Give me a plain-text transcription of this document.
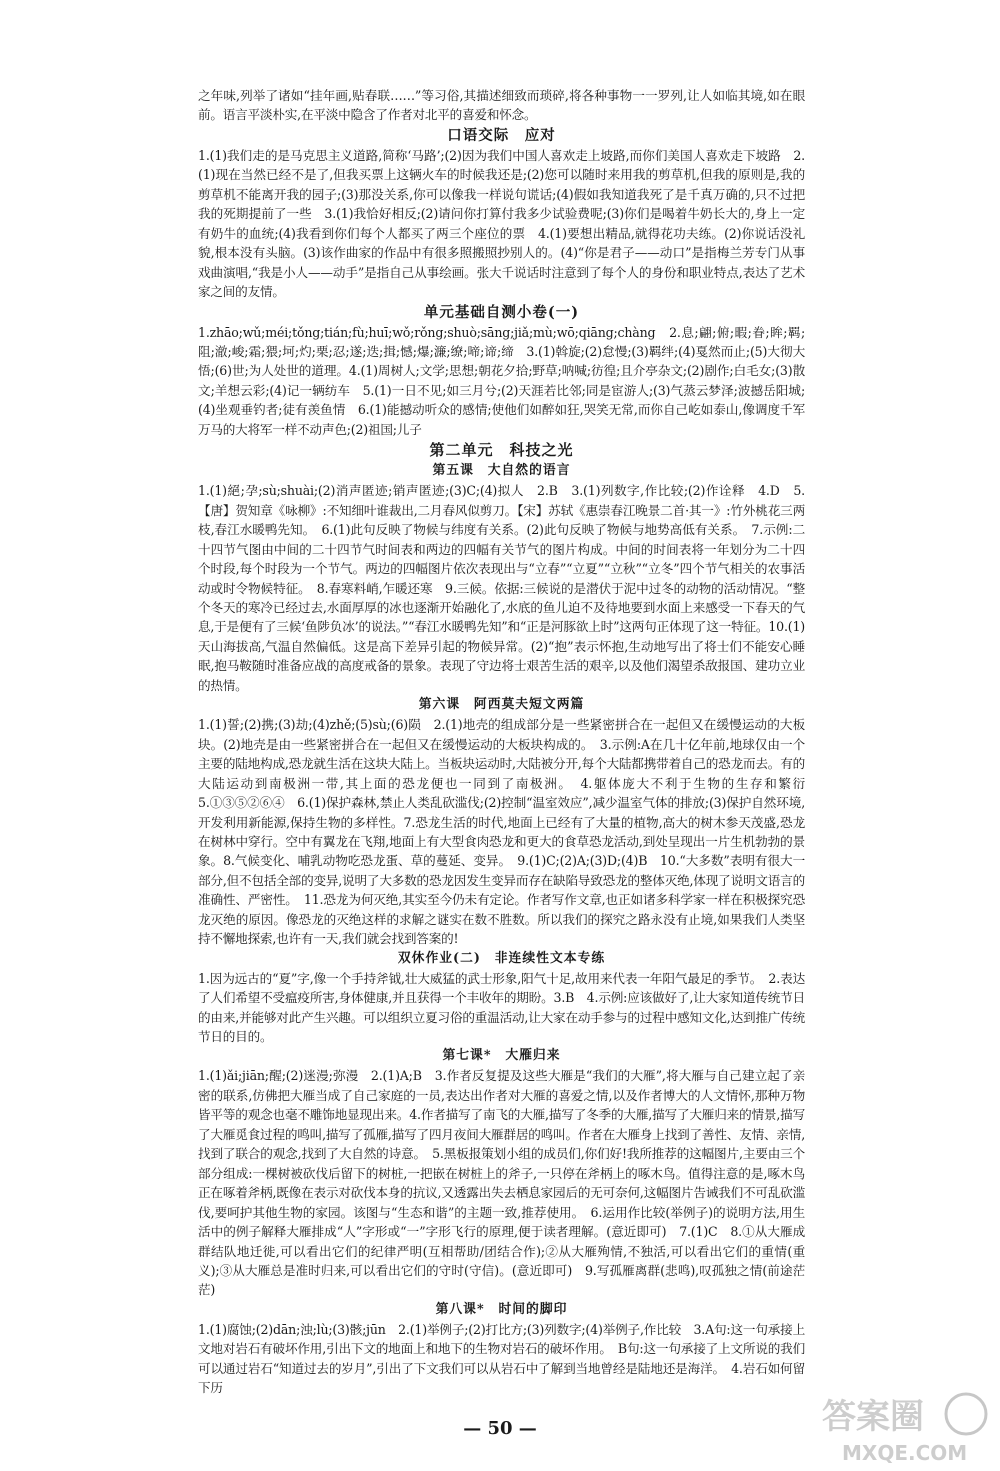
之年味,列举了诸如“挂年画,贴春联……”等习俗,其描述细致而琐碎,将各种事物一一罗列,让人如临其境,如在眼前。语言平淡朴实,在平淡中隐含了作者对北平的喜爱和怀念。

口语交际　应对

1.(1)我们走的是马克思主义道路,简称‘马路’;(2)因为我们中国人喜欢走上坡路,而你们美国人喜欢走下坡路　2.(1)现在当然已经不是了,但我买票上这辆火车的时候我还是;(2)您可以随时来用我的剪草机,但我的原则是,我的剪草机不能离开我的园子;(3)那没关系,你可以像我一样说句谎话;(4)假如我知道我死了是千真万确的,只不过把我的死期提前了一些　3.(1)我恰好相反;(2)请问你打算付我多少试验费呢;(3)你们是喝着牛奶长大的,身上一定有奶牛的血统;(4)我看到你们每个人都买了两三个座位的票　4.(1)要想出精品,就得花功夫练。(2)你说话没礼貌,根本没有头脑。(3)该作曲家的作品中有很多照搬照抄别人的。(4)“你是君子——动口”是指梅兰芳专门从事戏曲演唱,“我是小人——动手”是指自己从事绘画。张大千说话时注意到了每个人的身份和职业特点,表达了艺术家之间的友情。

单元基础自测小卷(一)

1.zhāo;wǔ;méi;tǒng;tián;fù;huī;wǒ;rǒng;shuò;sāng;jiǎ;mù;wō;qiāng;chàng　2.息;翩;俯;暇;眷;眸;羁;阻;澈;峻;霜;猥;坷;灼;栗;忍;遂;迭;揖;憾;爆;濂;缭;啼;谛;缔　3.(1)斡旋;(2)怠慢;(3)羁绊;(4)戛然而止;(5)大彻大悟;(6)世;为人处世的道理。4.(1)周树人;文学;思想;朝花夕拾;野草;呐喊;彷徨;且介亭杂文;(2)剧作;白毛女;(3)散文;羊想云彩;(4)记一辆纺车　5.(1)一日不见;如三月兮;(2)天涯若比邻;同是宦游人;(3)气蒸云梦泽;波撼岳阳城;(4)坐观垂钓者;徒有羡鱼情　6.(1)能撼动听众的感情;使他们如醉如狂,哭笑无常,而你自己屹如泰山,像调度千军万马的大将军一样不动声色;(2)祖国;儿子

第二单元　科技之光

第五课　大自然的语言

1.(1)絕;孕;sù;shuài;(2)消声匿迹;销声匿迹;(3)C;(4)拟人　2.B　3.(1)列数字,作比较;(2)作诠释　4.D　5.【唐】贺知章《咏柳》:不知细叶谁裁出,二月春风似剪刀。【宋】苏轼《惠崇春江晚景二首·其一》:竹外桃花三两枝,春江水暖鸭先知。　6.(1)此句反映了物候与纬度有关系。(2)此句反映了物候与地势高低有关系。　7.示例:二十四节气图由中间的二十四节气时间表和两边的四幅有关节气的图片构成。中间的时间表将一年划分为二十四个时段,每个时段为一个节气。两边的四幅图片依次表现出与“立春”“立夏”“立秋”“立冬”四个节气相关的农事活动或时令物候特征。　8.春寒料峭,乍暖还寒　9.三候。依据:三候说的是潜伏于泥中过冬的动物的活动情况。“整个冬天的寒冷已经过去,水面厚厚的冰也逐渐开始融化了,水底的鱼儿迫不及待地要到水面上来感受一下春天的气息,于是便有了三候‘鱼陟负冰’的说法。”“春江水暖鸭先知”和“正是河豚欲上时”这两句正体现了这一特征。10.(1)天山海拔高,气温自然偏低。这是高下差异引起的物候异常。(2)“抱”表示怀抱,生动地写出了将士们不能安心睡眠,抱马鞍随时准备应战的高度戒备的景象。表现了守边将士艰苦生活的艰辛,以及他们渴望杀敌报国、建功立业的热情。

第六课　阿西莫夫短文两篇

1.(1)誓;(2)携;(3)劫;(4)zhě;(5)sù;(6)陨　2.(1)地壳的组成部分是一些紧密拼合在一起但又在缓慢运动的大板块。(2)地壳是由一些紧密拼合在一起但又在缓慢运动的大板块构成的。　3.示例:A在几十亿年前,地球仅由一个主要的陆地构成,恐龙就生活在这块大陆上。当板块运动时,大陆被分开,每个大陆都携带着自己的恐龙而去。有的大陆运动到南极洲一带,其上面的恐龙便也一同到了南极洲。　4.躯体庞大不利于生物的生存和繁衍　5.①③⑤②⑥④　6.(1)保护森林,禁止人类乱砍滥伐;(2)控制“温室效应”,减少温室气体的排放;(3)保护自然环境,开发利用新能源,保持生物的多样性。7.恐龙生活的时代,地面上已经有了大量的植物,高大的树木参天茂盛,恐龙在树林中穿行。空中有翼龙在飞翔,地面上有大型食肉恐龙和更大的食草恐龙活动,到处呈现出一片生机勃勃的景象。8.气候变化、哺乳动物吃恐龙蛋、草的蔓延、变异。　9.(1)C;(2)A;(3)D;(4)B　10.“大多数”表明有很大一部分,但不包括全部的变异,说明了大多数的恐龙因发生变异而存在缺陷导致恐龙的整体灭绝,体现了说明文语言的准确性、严密性。　11.恐龙为何灭绝,其实至今仍未有定论。作者写作文章,也正如诸多科学家一样在积极探究恐龙灭绝的原因。像恐龙的灭绝这样的求解之谜实在数不胜数。所以我们的探究之路永没有止境,如果我们人类坚持不懈地探索,也许有一天,我们就会找到答案的!

双休作业(二)　非连续性文本专练

1.因为远古的“夏”字,像一个手持斧钺,壮大威猛的武士形象,阳气十足,故用来代表一年阳气最足的季节。　2.表达了人们希望不受瘟疫所害,身体健康,并且获得一个丰收年的期盼。3.B　4.示例:应该做好了,让大家知道传统节日的由来,并能够对此产生兴趣。可以组织立夏习俗的重温活动,让大家在动手参与的过程中感知文化,达到推广传统节日的目的。

第七课*　大雁归来

1.(1)ǎi;jiān;醒;(2)迷漫;弥漫　2.(1)A;B　3.作者反复提及这些大雁是“我们的大雁”,将大雁与自己建立起了亲密的联系,仿佛把大雁当成了自己家庭的一员,表达出作者对大雁的喜爱之情,以及作者博大的人文情怀,那种万物皆平等的观念也毫不雕饰地显现出来。4.作者描写了南飞的大雁,描写了冬季的大雁,描写了大雁归来的情景,描写了大雁觅食过程的鸣叫,描写了孤雁,描写了四月夜间大雁群居的鸣叫。作者在大雁身上找到了善性、友情、亲情,找到了联合的观念,找到了大自然的诗意。　5.黑板报策划小组的成员们,你们好!我所推荐的这幅图片,主要由三个部分组成:一棵树被砍伐后留下的树桩,一把嵌在树桩上的斧子,一只停在斧柄上的啄木鸟。值得注意的是,啄木鸟正在啄着斧柄,既像在表示对砍伐本身的抗议,又透露出失去栖息家园后的无可奈何,这幅图片告诫我们不可乱砍滥伐,要呵护其他生物的家园。该图与“生态和谐”的主题一致,推荐使用。　6.运用作比较(举例子)的说明方法,用生活中的例子解释大雁排成“人”字形或“一”字形飞行的原理,便于读者理解。(意近即可)　7.(1)C　8.①从大雁成群结队地迁徙,可以看出它们的纪律严明(互相帮助/团结合作);②从大雁殉情,不独活,可以看出它们的重情(重义);③从大雁总是准时归来,可以看出它们的守时(守信)。(意近即可)　9.写孤雁离群(悲鸣),叹孤独之情(前途茫茫)

第八课*　时间的脚印

1.(1)腐蚀;(2)dān;浊;lù;(3)骸;jūn　2.(1)举例子;(2)打比方;(3)列数字;(4)举例子,作比较　3.A句:这一句承接上文地对岩石有破坏作用,引出下文的地面上和地下的生物对岩石的破坏作用。　B句:这一句承接了上文所说的我们可以通过岩石“知道过去的岁月”,引出了下文我们可以从岩石中了解到当地曾经是陆地还是海洋。　4.岩石如何留下历

— 50 —	答案圈
MXQE.COM
